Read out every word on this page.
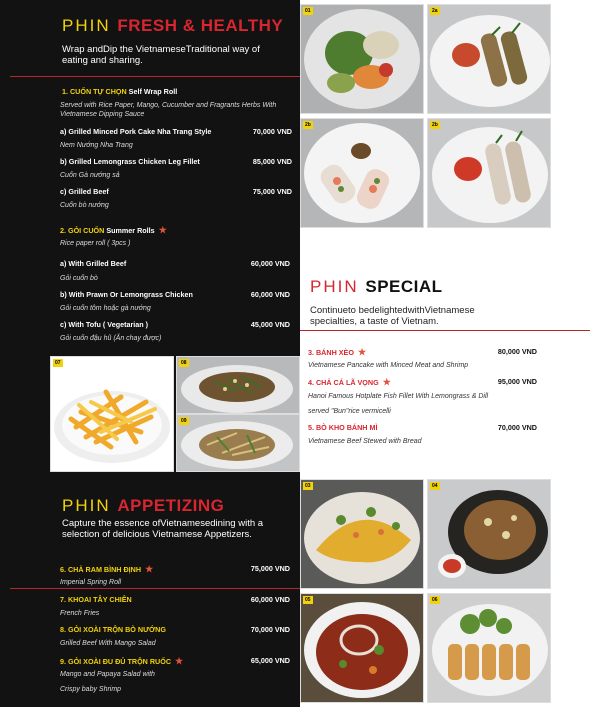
PHIN FRESH & HEALTHY
Wrap andDip the VietnameseTraditional way of eating and sharing.
1. CUỐN TỰ CHỌN Self Wrap Roll
Served with Rice Paper, Mango, Cucumber and Fragrants Herbs With Vietnamese Dipping Sauce
a) Grilled Minced Pork Cake Nha Trang Style	70,000 VND
Nem Nướng Nha Trang
b) Grilled Lemongrass Chicken Leg Fillet	85,000 VND
Cuốn Gà nướng sả
c) Grilled Beef	75,000 VND
Cuốn bò nướng
2. GỎI CUỐN Summer Rolls ★
Rice paper roll ( 3pcs )
a) With Grilled Beef	60,000 VND
Gỏi cuốn bò
b) With Prawn Or Lemongrass Chicken	60,000 VND
Gỏi cuốn tôm hoặc gà nướng
c) With Tofu ( Vegetarian )	45,000 VND
Gỏi cuốn đậu hũ (Ăn chay được)
07	08
09
PHIN APPETIZING
Capture the essence ofVietnamesedining with a selection of delicious Vietnamese Appetizers.
6. CHẢ RAM BÌNH ĐỊNH ★	75,000 VND
Imperial Spring Roll
7. KHOAI TÂY CHIÊN	60,000 VND
French Fries
8. GỎI XOÀI TRỘN BÒ NƯỚNG	70,000 VND
Grilled Beef With Mango Salad
9. GỎI XOÀI ĐU ĐỦ TRỘN RUỐC ★	65,000 VND
Mango and Papaya Salad with
Crispy baby Shrimp
01	2a
2b	2b
PHIN SPECIAL
Continueto bedelightedwithVietnamese specialties, a taste of Vietnam.
3. BÁNH XÈO ★	80,000 VND
Vietnamese Pancake with Minced Meat and Shrimp
4. CHẢ CÁ LÃ VỌNG ★	95,000 VND
Hanoi Famous Hotplate Fish Fillet With Lemongrass & Dill
served "Bun"rice vermicelli
5. BÒ KHO BÁNH MÌ	70,000 VND
Vietnamese Beef Stewed with Bread
03	04
05	06
